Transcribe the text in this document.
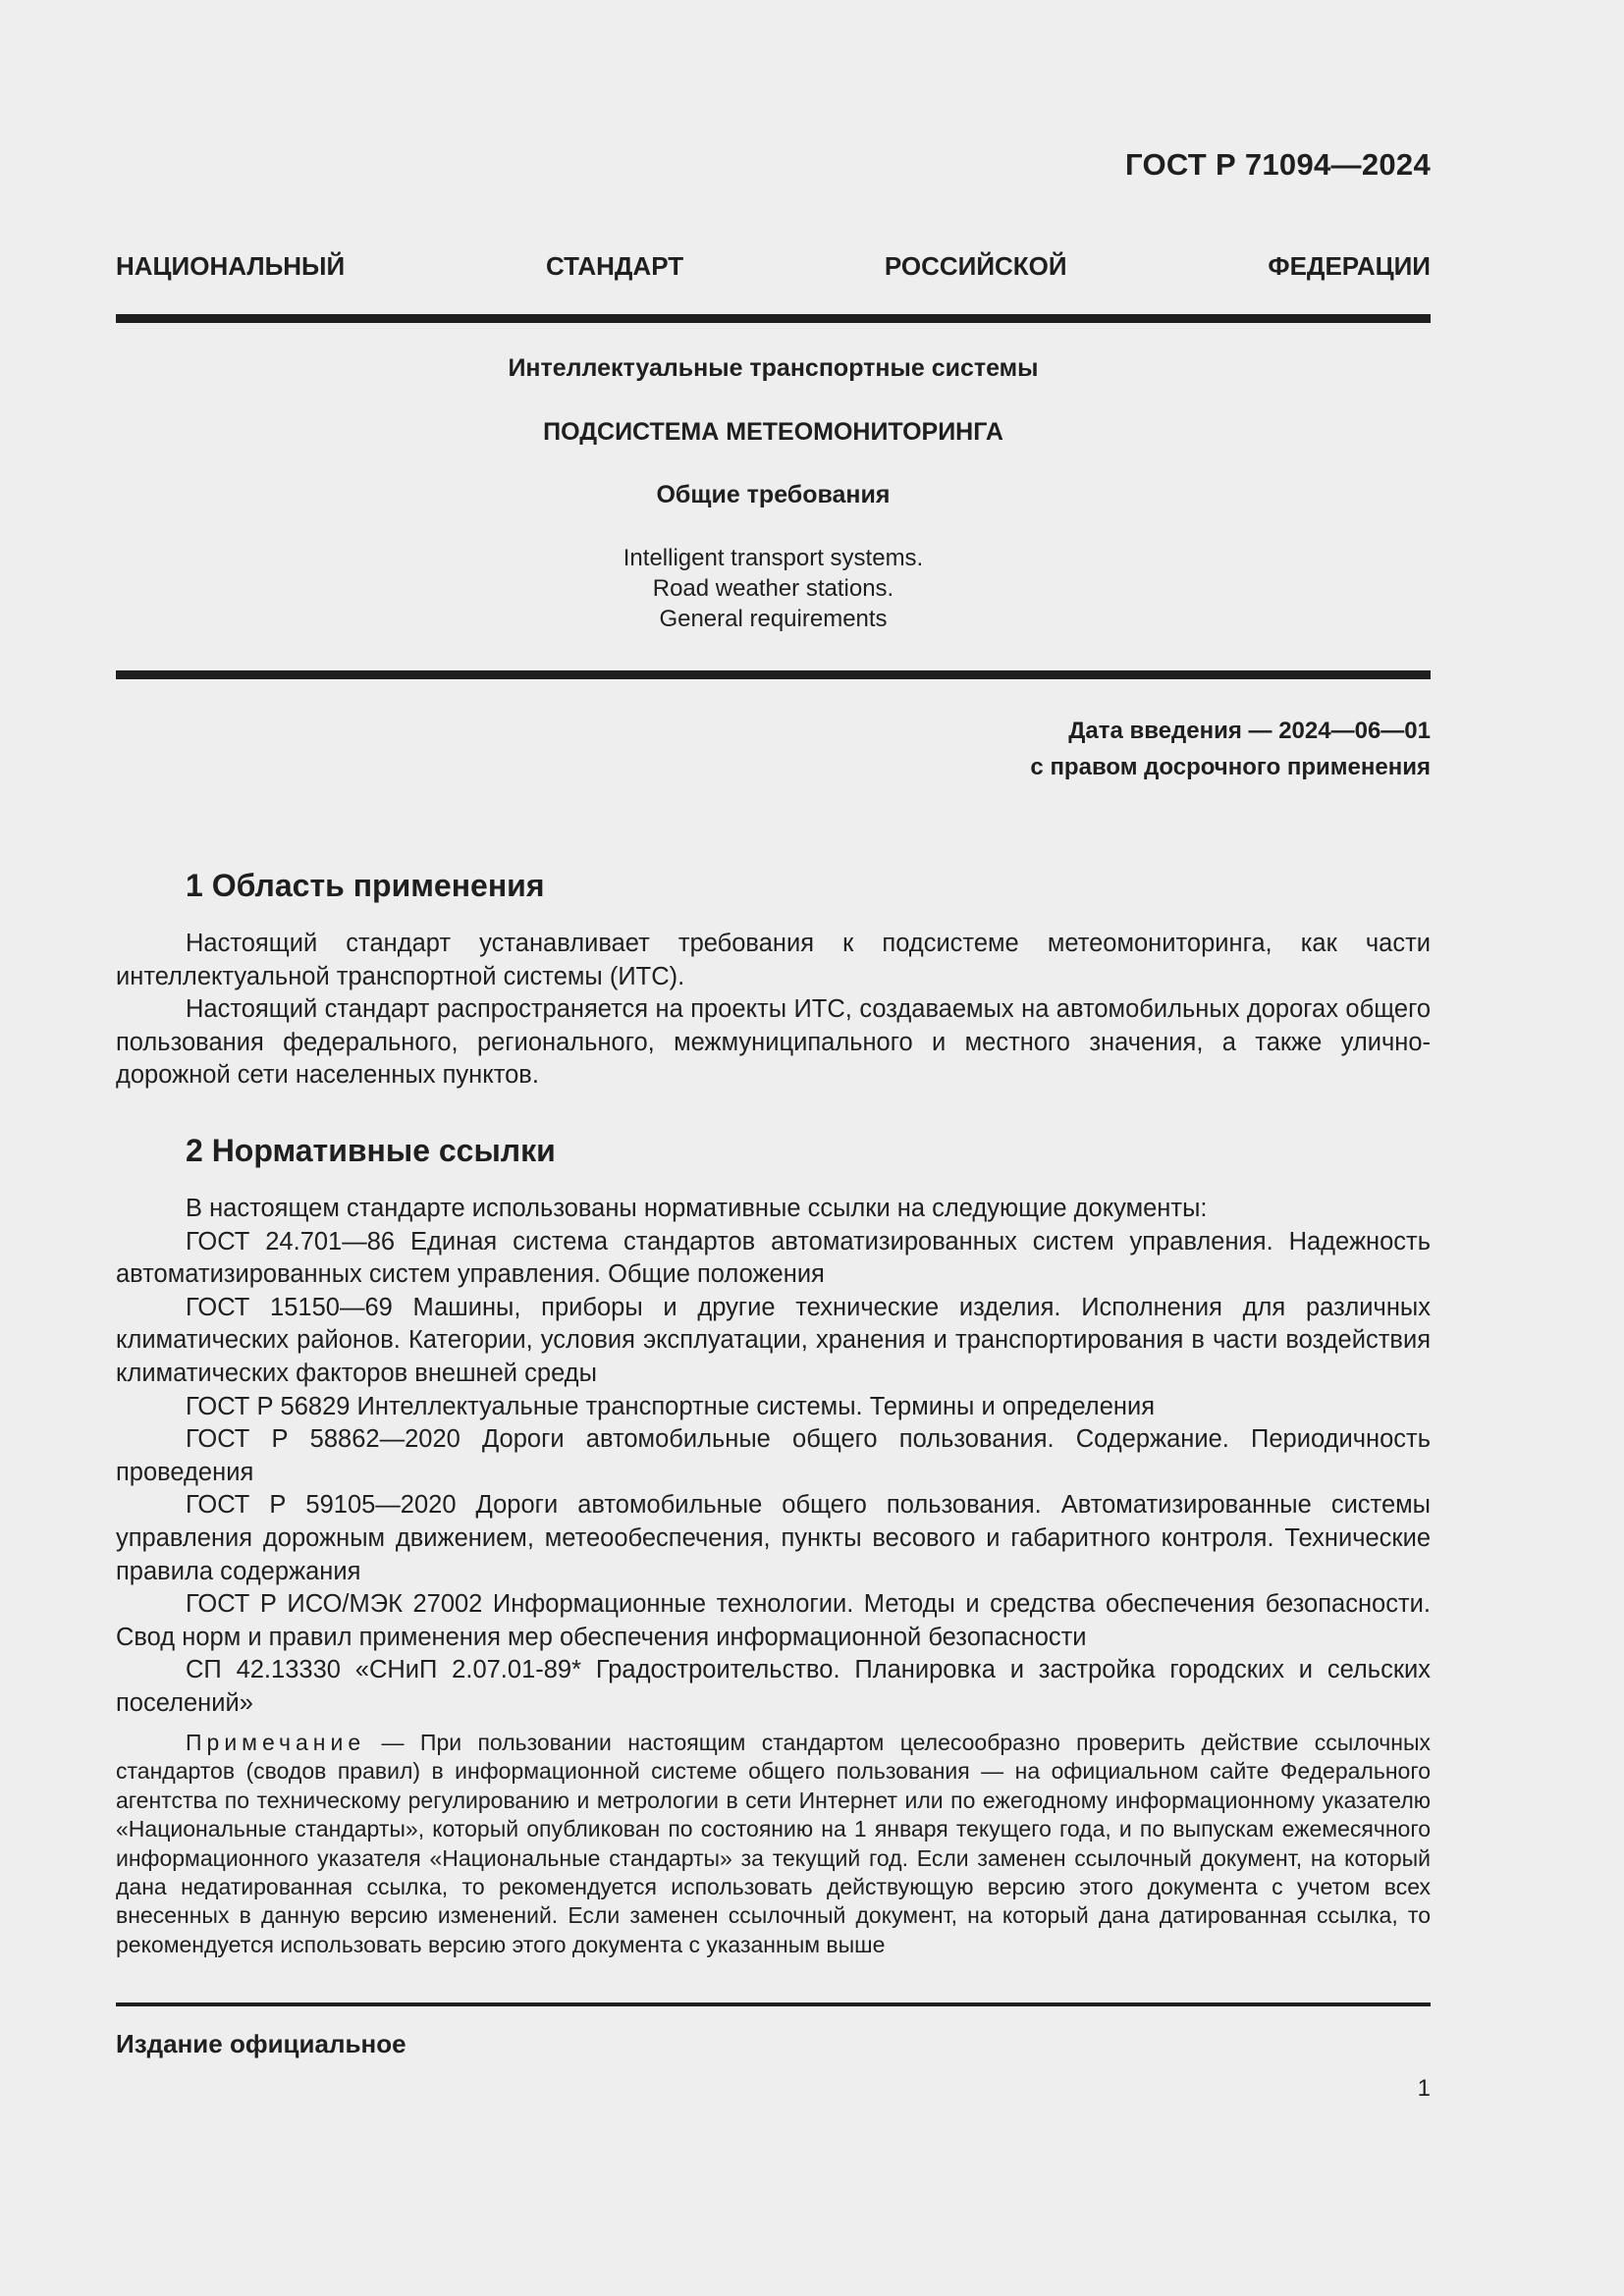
ГОСТ Р 71094—2024
НАЦИОНАЛЬНЫЙ СТАНДАРТ РОССИЙСКОЙ ФЕДЕРАЦИИ
Интеллектуальные транспортные системы
ПОДСИСТЕМА МЕТЕОМОНИТОРИНГА
Общие требования
Intelligent transport systems.
Road weather stations.
General requirements
Дата введения — 2024—06—01
с правом досрочного применения
1 Область применения

Настоящий стандарт устанавливает требования к подсистеме метеомониторинга, как части интеллектуальной транспортной системы (ИТС).

Настоящий стандарт распространяется на проекты ИТС, создаваемых на автомобильных дорогах общего пользования федерального, регионального, межмуниципального и местного значения, а также улично-дорожной сети населенных пунктов.

2 Нормативные ссылки

В настоящем стандарте использованы нормативные ссылки на следующие документы:

ГОСТ 24.701—86 Единая система стандартов автоматизированных систем управления. Надежность автоматизированных систем управления. Общие положения

ГОСТ 15150—69 Машины, приборы и другие технические изделия. Исполнения для различных климатических районов. Категории, условия эксплуатации, хранения и транспортирования в части воздействия климатических факторов внешней среды

ГОСТ Р 56829 Интеллектуальные транспортные системы. Термины и определения

ГОСТ Р 58862—2020 Дороги автомобильные общего пользования. Содержание. Периодичность проведения

ГОСТ Р 59105—2020 Дороги автомобильные общего пользования. Автоматизированные системы управления дорожным движением, метеообеспечения, пункты весового и габаритного контроля. Технические правила содержания

ГОСТ Р ИСО/МЭК 27002 Информационные технологии. Методы и средства обеспечения безопасности. Свод норм и правил применения мер обеспечения информационной безопасности

СП 42.13330 «СНиП 2.07.01-89* Градостроительство. Планировка и застройка городских и сельских поселений»

Примечание — При пользовании настоящим стандартом целесообразно проверить действие ссылочных стандартов (сводов правил) в информационной системе общего пользования — на официальном сайте Федерального агентства по техническому регулированию и метрологии в сети Интернет или по ежегодному информационному указателю «Национальные стандарты», который опубликован по состоянию на 1 января текущего года, и по выпускам ежемесячного информационного указателя «Национальные стандарты» за текущий год. Если заменен ссылочный документ, на который дана недатированная ссылка, то рекомендуется использовать действующую версию этого документа с учетом всех внесенных в данную версию изменений. Если заменен ссылочный документ, на который дана датированная ссылка, то рекомендуется использовать версию этого документа с указанным выше

Издание официальное
1
